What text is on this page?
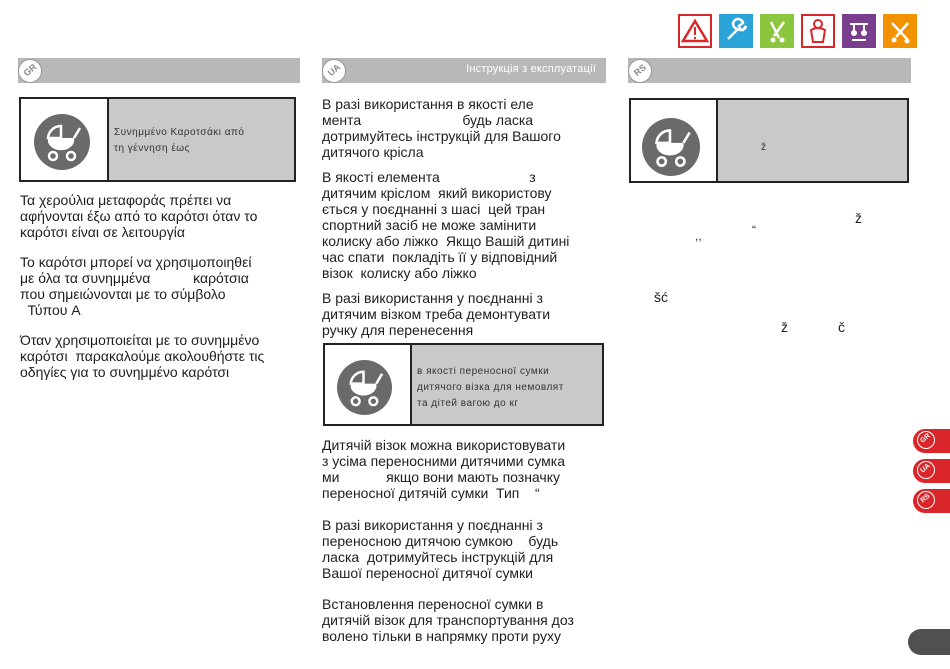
GR	Інструкція з експлуатації
UA	RS
Συνημμένο Καροτσάκι από
τη γέννηση έως
Τα χερούλια μεταφοράς πρέπει να
αφήνονται έξω από το καρότσι όταν το
καρότσι είναι σε λειτουργία
Το καρότσι μπορεί να χρησιμοποιηθεί
με όλα τα συνημμένα           καρότσια
που σημειώνονται με το σύμβολο
Τύπου A
Όταν χρησιμοποιείται με το συνημμένο
καρότσι  παρακαλούμε ακολουθήστε τις
οδηγίες για το συνημμένο καρότσι
В разі використання в якості еле
мента                          будь ласка
дотримуйтесь інструкцій для Вашого
дитячого крісла
В якості елемента                       з
дитячим кріслом  який використову
ється у поєднанні з шасі  цей тран
спортний засіб не може замінити
колиску або ліжко  Якщо Вашій дитині
час спати  покладіть її у відповідний
візок  колиску або ліжко
В разі використання у поєднанні з
дитячим візком треба демонтувати
ручку для перенесення
в якості переносної сумки
дитячого візка для немовлят
та дітей вагою до кг
Дитячій візок можна використовувати
з усіма переносними дитячими сумка
ми            якщо вони мають позначку
переносної дитячій сумки  Тип    “
В разі використання у поєднанні з
переносною дитячою сумкою    будь
ласка  дотримуйтесь інструкцій для
Вашої переносної дитячої сумки
Встановлення переносної сумки в
дитячій візок для транспортування доз
волено тільки в напрямку проти руху
ž
ž
,,	“
šć
ž	č
GR
UA
RS
